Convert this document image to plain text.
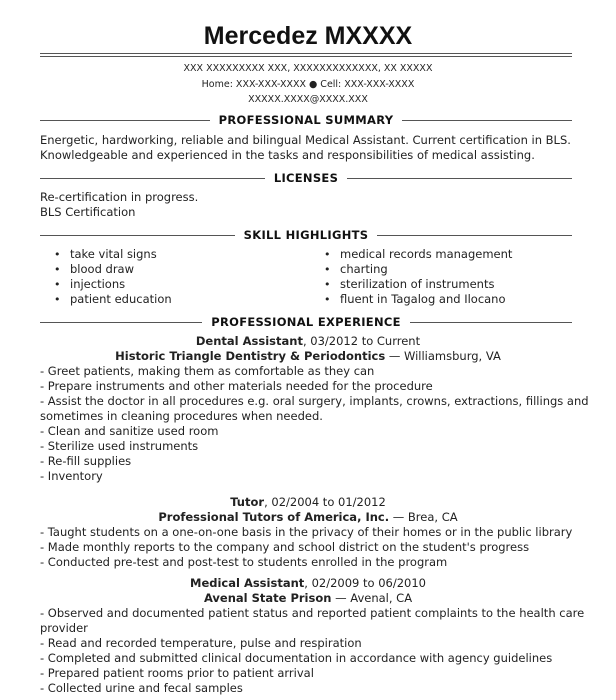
Mercedez MXXXX
XXX XXXXXXXXX XXX, XXXXXXXXXXXXX, XX XXXXX
Home: XXX-XXX-XXXX ● Cell: XXX-XXX-XXXX
XXXXX.XXXX@XXXX.XXX
PROFESSIONAL SUMMARY
Energetic, hardworking, reliable and bilingual Medical Assistant. Current certification in BLS.
Knowledgeable and experienced in the tasks and responsibilities of medical assisting.
LICENSES
Re-certification in progress.
BLS Certification
SKILL HIGHLIGHTS
• take vital signs
• blood draw
• injections
• patient education
• medical records management
• charting
• sterilization of instruments
• fluent in Tagalog and Ilocano
PROFESSIONAL EXPERIENCE
Dental Assistant, 03/2012 to Current
Historic Triangle Dentistry & Periodontics — Williamsburg, VA
- Greet patients, making them as comfortable as they can
- Prepare instruments and other materials needed for the procedure
- Assist the doctor in all procedures e.g. oral surgery, implants, crowns, extractions, fillings and
sometimes in cleaning procedures when needed.
- Clean and sanitize used room
- Sterilize used instruments
- Re-fill supplies
- Inventory
Tutor, 02/2004 to 01/2012
Professional Tutors of America, Inc. — Brea, CA
- Taught students on a one-on-one basis in the privacy of their homes or in the public library
- Made monthly reports to the company and school district on the student's progress
- Conducted pre-test and post-test to students enrolled in the program
Medical Assistant, 02/2009 to 06/2010
Avenal State Prison — Avenal, CA
- Observed and documented patient status and reported patient complaints to the health care
provider
- Read and recorded temperature, pulse and respiration
- Completed and submitted clinical documentation in accordance with agency guidelines
- Prepared patient rooms prior to patient arrival
- Collected urine and fecal samples
